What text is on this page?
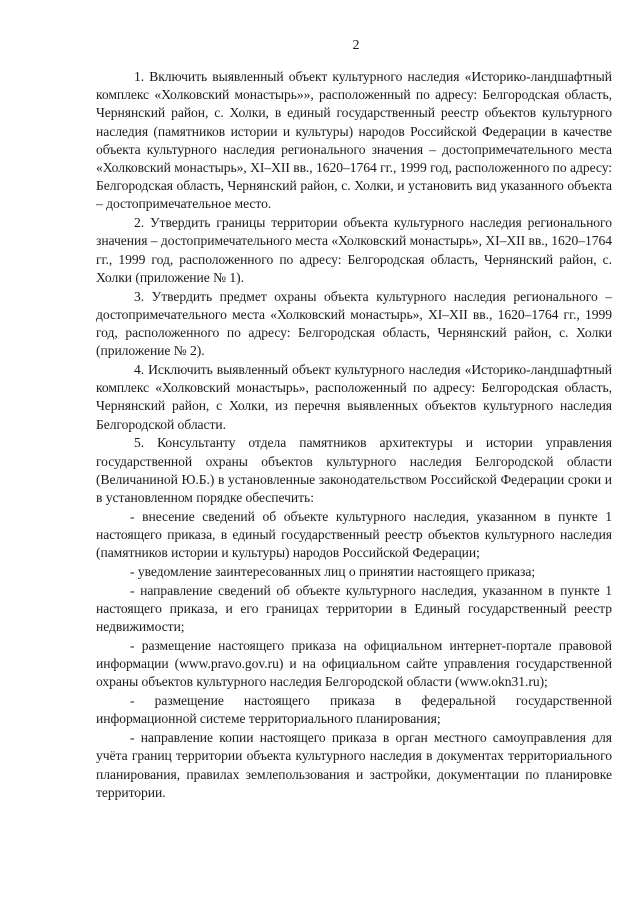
2

1. Включить выявленный объект культурного наследия «Историко-ландшафтный комплекс «Холковский монастырь»», расположенный по адресу: Белгородская область, Чернянский район, с. Холки, в единый государственный реестр объектов культурного наследия (памятников истории и культуры) народов Российской Федерации в качестве объекта культурного наследия регионального значения – достопримечательного места «Холковский монастырь», XI–XII вв., 1620–1764 гг., 1999 год, расположенного по адресу: Белгородская область, Чернянский район, с. Холки, и установить вид указанного объекта – достопримечательное место.

2. Утвердить границы территории объекта культурного наследия регионального значения – достопримечательного места «Холковский монастырь», XI–XII вв., 1620–1764 гг., 1999 год, расположенного по адресу: Белгородская область, Чернянский район, с. Холки (приложение № 1).

3. Утвердить предмет охраны объекта культурного наследия регионального – достопримечательного места «Холковский монастырь», XI–XII вв., 1620–1764 гг., 1999 год, расположенного по адресу: Белгородская область, Чернянский район, с. Холки (приложение № 2).

4. Исключить выявленный объект культурного наследия «Историко-ландшафтный комплекс «Холковский монастырь», расположенный по адресу: Белгородская область, Чернянский район, с Холки, из перечня выявленных объектов культурного наследия Белгородской области.

5. Консультанту отдела памятников архитектуры и истории управления государственной охраны объектов культурного наследия Белгородской области (Величаниной Ю.Б.) в установленные законодательством Российской Федерации сроки и в установленном порядке обеспечить:

- внесение сведений об объекте культурного наследия, указанном в пункте 1 настоящего приказа, в единый государственный реестр объектов культурного наследия (памятников истории и культуры) народов Российской Федерации;

- уведомление заинтересованных лиц о принятии настоящего приказа;

- направление сведений об объекте культурного наследия, указанном в пункте 1 настоящего приказа, и его границах территории в Единый государственный реестр недвижимости;

- размещение настоящего приказа на официальном интернет-портале правовой информации (www.pravo.gov.ru) и на официальном сайте управления государственной охраны объектов культурного наследия Белгородской области (www.okn31.ru);

- размещение настоящего приказа в федеральной государственной информационной системе территориального планирования;

- направление копии настоящего приказа в орган местного самоуправления для учёта границ территории объекта культурного наследия в документах территориального планирования, правилах землепользования и застройки, документации по планировке территории.
